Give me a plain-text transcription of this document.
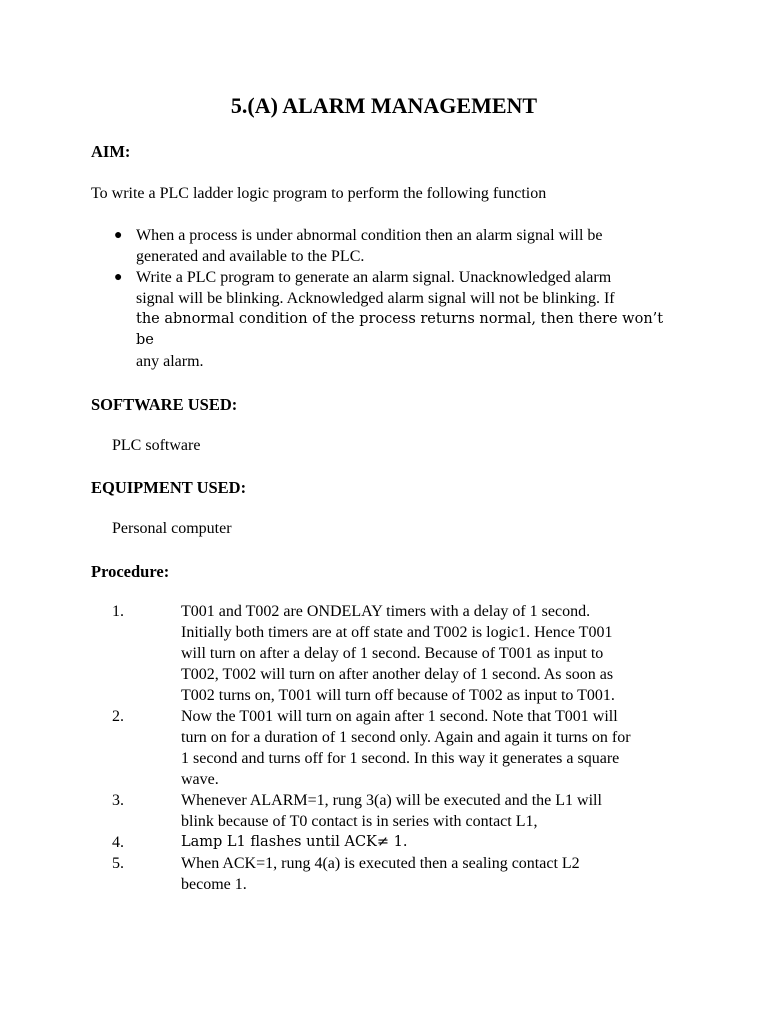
5.(A) ALARM MANAGEMENT
AIM:
To write a PLC ladder logic program to perform the following function
● When a process is under abnormal condition then an alarm signal will be
generated and available to the PLC.
● Write a PLC program to generate an alarm signal. Unacknowledged alarm
signal will be blinking. Acknowledged alarm signal will not be blinking. If
the abnormal condition of the process returns normal, then there won’t be
any alarm.
SOFTWARE USED:
PLC software
EQUIPMENT USED:
Personal computer
Procedure:
1.	T001 and T002 are ONDELAY timers with a delay of 1 second.
Initially both timers are at off state and T002 is logic1. Hence T001
will turn on after a delay of 1 second. Because of T001 as input to
T002, T002 will turn on after another delay of 1 second. As soon as
T002 turns on, T001 will turn off because of T002 as input to T001.
2.	Now the T001 will turn on again after 1 second. Note that T001 will
turn on for a duration of 1 second only. Again and again it turns on for
1 second and turns off for 1 second. In this way it generates a square
wave.
3.	Whenever ALARM=1, rung 3(a) will be executed and the L1 will
blink because of T0 contact is in series with contact L1,
4.	Lamp L1 flashes until ACK≠ 1.
5.	When ACK=1, rung 4(a) is executed then a sealing contact L2
become 1.
